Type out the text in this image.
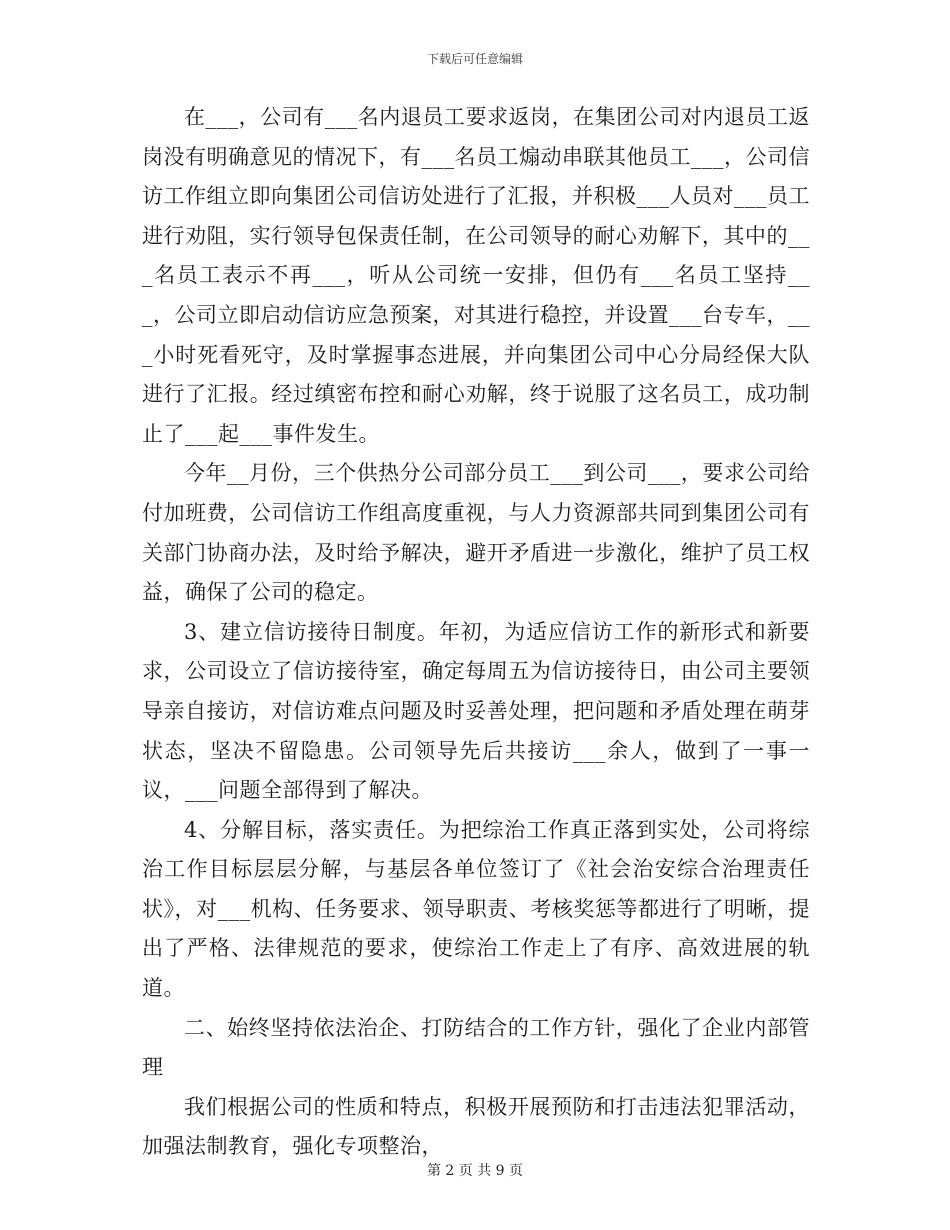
下载后可任意编辑

在___，公司有___名内退员工要求返岗，在集团公司对内退员工返岗没有明确意见的情况下，有___名员工煽动串联其他员工___，公司信访工作组立即向集团公司信访处进行了汇报，并积极___人员对___员工进行劝阻，实行领导包保责任制，在公司领导的耐心劝解下，其中的___名员工表示不再___，听从公司统一安排，但仍有___名员工坚持___，公司立即启动信访应急预案，对其进行稳控，并设置___台专车，___小时死看死守，及时掌握事态进展，并向集团公司中心分局经保大队进行了汇报。经过缜密布控和耐心劝解，终于说服了这名员工，成功制止了___起___事件发生。

今年__月份，三个供热分公司部分员工___到公司___，要求公司给付加班费，公司信访工作组高度重视，与人力资源部共同到集团公司有关部门协商办法，及时给予解决，避开矛盾进一步激化，维护了员工权益，确保了公司的稳定。

3、建立信访接待日制度。年初，为适应信访工作的新形式和新要求，公司设立了信访接待室，确定每周五为信访接待日，由公司主要领导亲自接访，对信访难点问题及时妥善处理，把问题和矛盾处理在萌芽状态，坚决不留隐患。公司领导先后共接访___余人，做到了一事一议，___问题全部得到了解决。

4、分解目标，落实责任。为把综治工作真正落到实处，公司将综治工作目标层层分解，与基层各单位签订了《社会治安综合治理责任状》，对___机构、任务要求、领导职责、考核奖惩等都进行了明晰，提出了严格、法律规范的要求，使综治工作走上了有序、高效进展的轨道。

二、始终坚持依法治企、打防结合的工作方针，强化了企业内部管理

我们根据公司的性质和特点，积极开展预防和打击违法犯罪活动，加强法制教育，强化专项整治，

第 2 页 共 9 页
